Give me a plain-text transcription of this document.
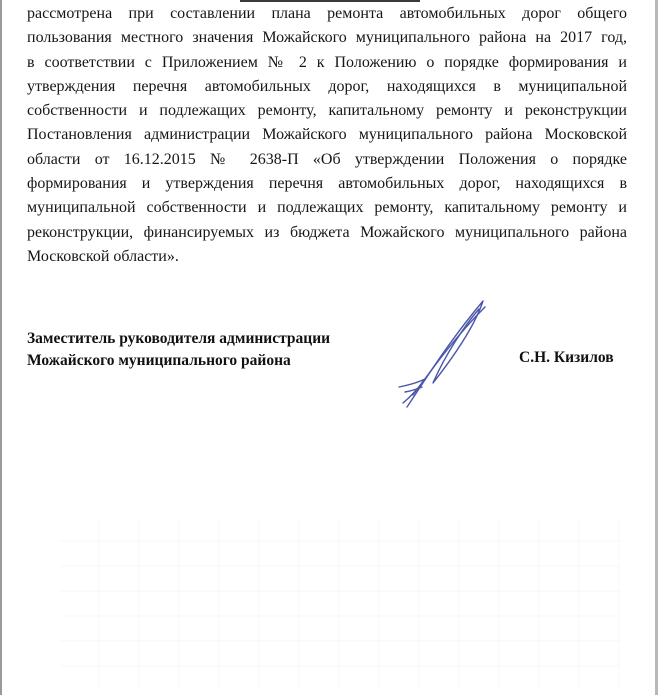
рассмотрена при составлении плана ремонта автомобильных дорог общего
пользования местного значения Можайского муниципального района на 2017 год,
в соответствии с Приложением № 2 к Положению о порядке формирования и
утверждения перечня автомобильных дорог, находящихся в муниципальной
собственности и подлежащих ремонту, капитальному ремонту и реконструкции
Постановления администрации Можайского муниципального района Московской
области от 16.12.2015 № 2638-П «Об утверждении Положения о порядке
формирования и утверждения перечня автомобильных дорог, находящихся в
муниципальной собственности и подлежащих ремонту, капитальному ремонту и
реконструкции, финансируемых из бюджета Можайского муниципального района
Московской области».
Заместитель руководителя администрации
Можайского муниципального района	С.Н. Кизилов
